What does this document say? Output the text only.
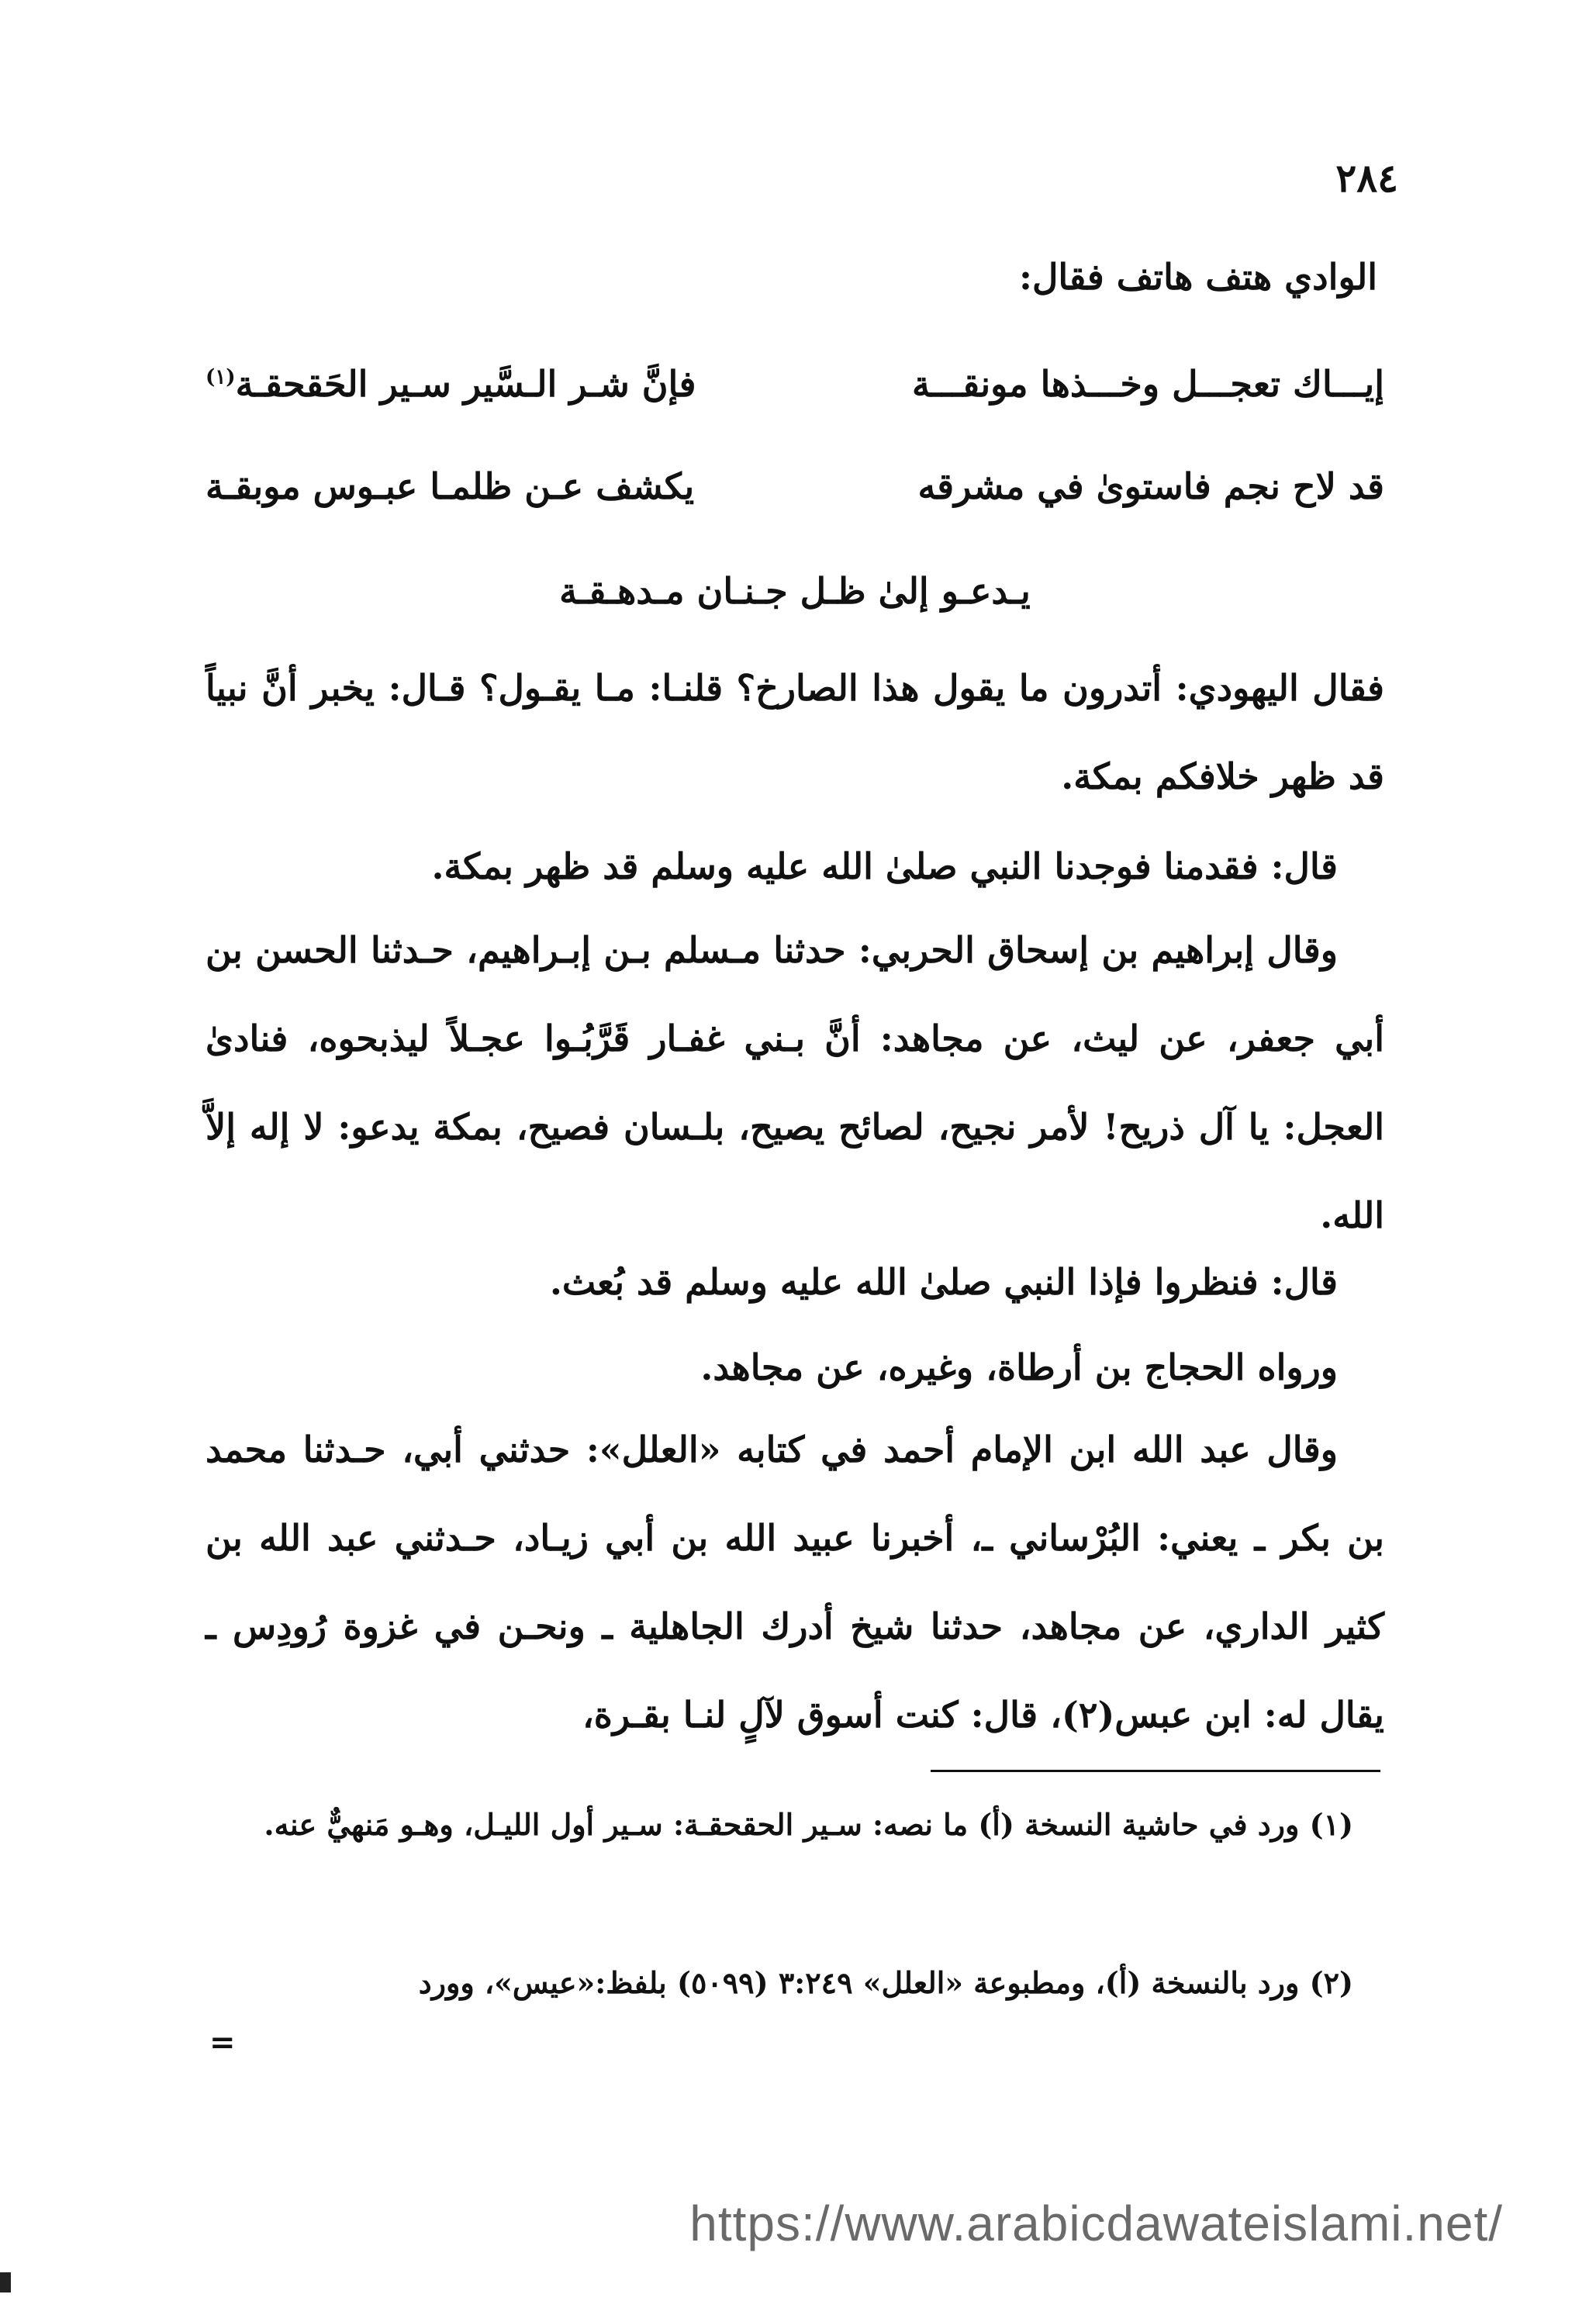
٢٨٤
الوادي هتف هاتف فقال:
إيـــاك تعجـــل وخـــذها مونقـــة
فإنَّ شـر الـسَّير سـير الحَقحقـة$^{(١)}$
قد لاح نجم فاستوىٰ في مشرقه
يكشف عـن ظلمـا عبـوس موبقـة
يـدعـو إلىٰ ظـل جـنـان مـدهـقـة
فقال اليهودي: أتدرون ما يقول هذا الصارخ؟ قلنـا: مـا يقـول؟ قـال: يخبر أنَّ نبياً قد ظهر خلافكم بمكة.
قال: فقدمنا فوجدنا النبي صلىٰ الله عليه وسلم قد ظهر بمكة.
وقال إبراهيم بن إسحاق الحربي: حدثنا مـسلم بـن إبـراهيم، حـدثنا الحسن بن أبي جعفر، عن ليث، عن مجاهد: أنَّ بـني غفـار قَرَّبُـوا عجـلاً ليذبحوه، فنادىٰ العجل: يا آل ذريح! لأمر نجيح، لصائح يصيح، بلـسان فصيح، بمكة يدعو: لا إله إلاَّ الله.
قال: فنظروا فإذا النبي صلىٰ الله عليه وسلم قد بُعث.
ورواه الحجاج بن أرطاة، وغيره، عن مجاهد.
وقال عبد الله ابن الإمام أحمد في كتابه «العلل»: حدثني أبي، حـدثنا محمد بن بكر ـ يعني: البُرْساني ـ، أخبرنا عبيد الله بن أبي زيـاد، حـدثني عبد الله بن كثير الداري، عن مجاهد، حدثنا شيخ أدرك الجاهلية ـ ونحـن في غزوة رُودِس ـ يقال له: ابن عبس(٢)، قال: كنت أسوق لآلٍ لنـا بقـرة،
(١) ورد في حاشية النسخة (أ) ما نصه: سـير الحقحقـة: سـير أول الليـل، وهـو مَنهيٌّ عنه.
(٢) ورد بالنسخة (أ)، ومطبوعة «العلل» ٣:٢٤٩ (٥٠٩٩) بلفظ:«عيس»، وورد
=
https://www.arabicdawateislami.net/
